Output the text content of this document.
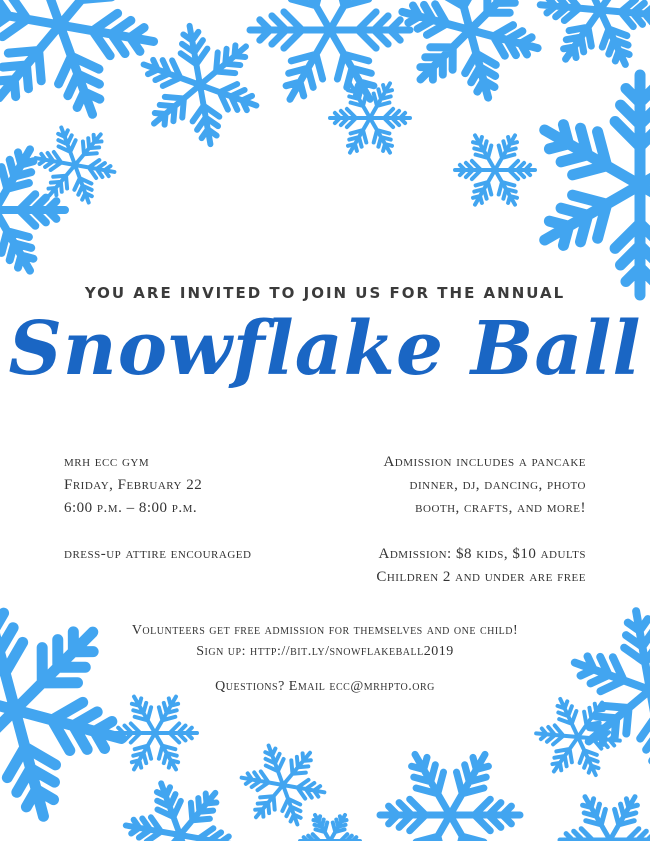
YOU ARE INVITED TO JOIN US FOR THE ANNUAL
Snowflake Ball
mrh ecc gym
Friday, February 22
6:00 p.m. – 8:00 p.m.
dress-up attire encouraged
Admission includes a pancake
dinner, dj, dancing, photo
booth, crafts, and more!
Admission: $8 kids, $10 adults
Children 2 and under are free
Volunteers get free admission for themselves and one child!
Sign up: http://bit.ly/snowflakeball2019
Questions? Email ecc@mrhpto.org
